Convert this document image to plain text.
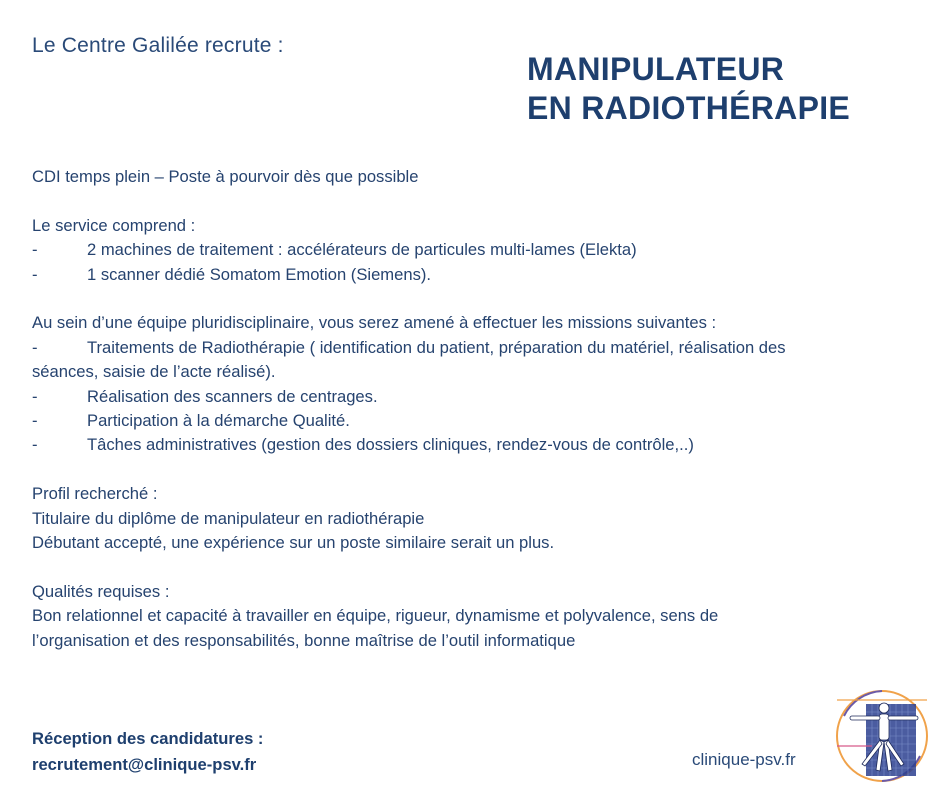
Le Centre Galilée recrute :
MANIPULATEUR
EN RADIOTHÉRAPIE
CDI temps plein – Poste à pourvoir dès que possible
Le service comprend :
-	2 machines de traitement : accélérateurs de particules multi-lames (Elekta)
-	1 scanner dédié Somatom Emotion (Siemens).
Au sein d’une équipe pluridisciplinaire, vous serez amené à effectuer les missions suivantes :
-	Traitements de Radiothérapie ( identification du patient, préparation du matériel, réalisation des
séances, saisie de l’acte réalisé).
-	Réalisation des scanners de centrages.
-	Participation à la démarche Qualité.
-	Tâches administratives (gestion des dossiers cliniques, rendez-vous de contrôle,..)
Profil recherché :
Titulaire du diplôme de manipulateur en radiothérapie
Débutant accepté, une expérience sur un poste similaire serait un plus.
Qualités requises :
Bon relationnel et capacité à travailler en équipe, rigueur, dynamisme et polyvalence, sens de
l’organisation et des responsabilités, bonne maîtrise de l’outil informatique
Réception des candidatures :
recrutement@clinique-psv.fr	clinique-psv.fr
